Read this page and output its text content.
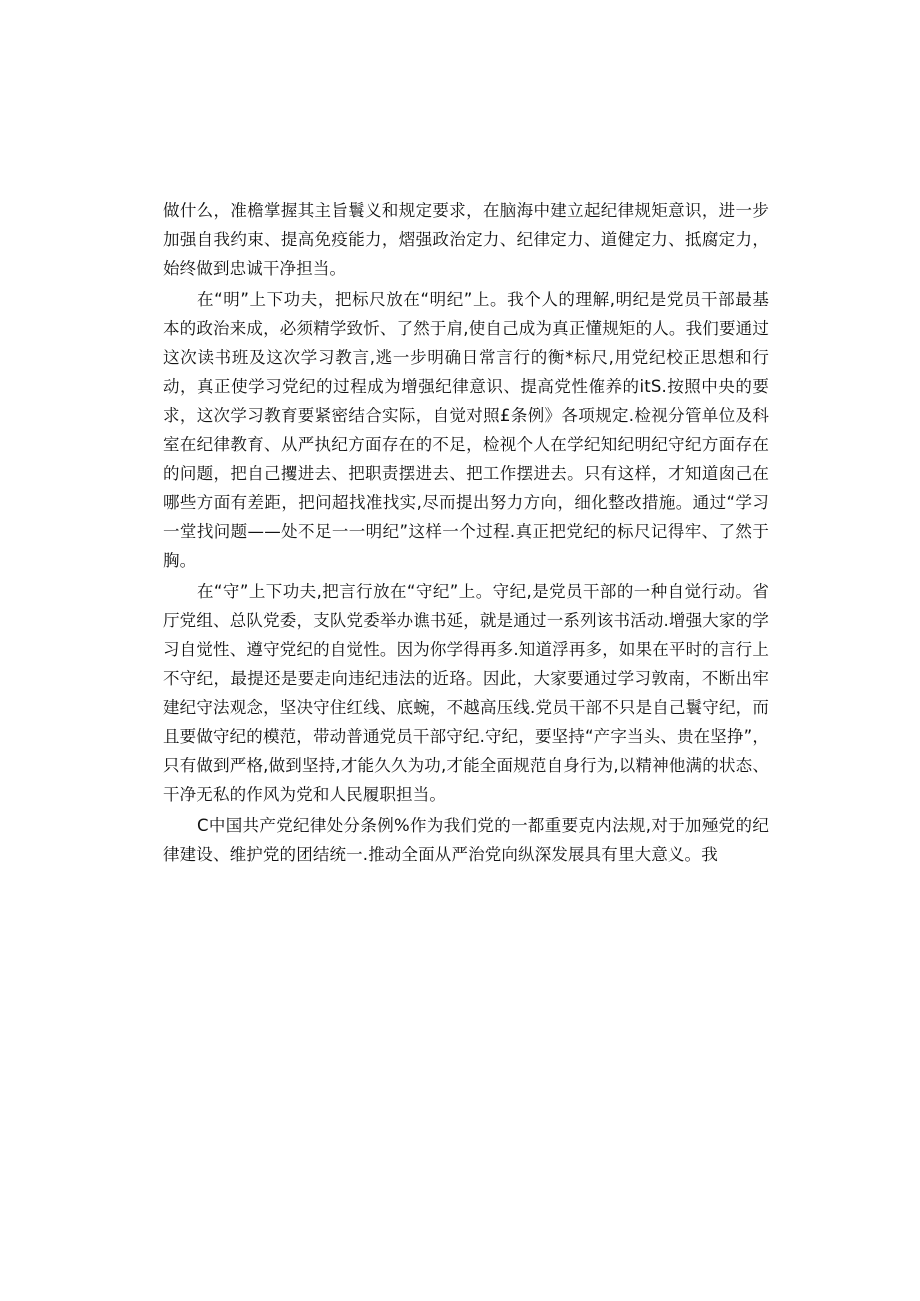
做什么，准檐掌握其主旨鬟义和规定要求，在脑海中建立起纪律规矩意识，进一步加强自我约束、提高免疫能力，熠强政治定力、纪律定力、道健定力、抵腐定力，始终做到忠诚干净担当。

在“明”上下功夫，把标尺放在“明纪”上。我个人的理解,明纪是党员干部最基本的政治来成，必须精学致忻、了然于肩,使自己成为真正懂规矩的人。我们要通过这次读书班及这次学习教言,逃一步明确日常言行的衡*标尺,用党纪校正思想和行动，真正使学习党纪的过程成为增强纪律意识、提高党性傕养的itS.按照中央的要求，这次学习教育要紧密结合实际，自觉对照£条例》各项规定.检视分管单位及科室在纪律教育、从严执纪方面存在的不足，检视个人在学纪知纪明纪守纪方面存在的问题，把自己攫进去、把职责摆进去、把工作摆进去。只有这样，才知道囱己在哪些方面有差距，把问超找准找实,尽而提出努力方向，细化整改措施。通过“学习一堂找问题——处不足一一明纪”这样一个过程.真正把党纪的标尺记得牢、了然于胸。

在“守”上下功夫,把言行放在“守纪”上。守纪,是党员干部的一种自觉行动。省厅党组、总队党委，支队党委举办谯书延，就是通过一系列该书活动.增强大家的学习自觉性、遵守党纪的自觉性。因为你学得再多.知道浮再多，如果在平时的言行上不守纪，最提还是要走向违纪违法的近珞。因此，大家要通过学习敦南，不断出牢建纪守法观念，坚决守住红线、底蜿，不越高压线.党员干部不只是自己鬟守纪，而且要做守纪的模范，带动普通党员干部守纪.守纪，要坚持“产字当头、贵在坚挣”，只有做到严格,做到坚持,才能久久为功,才能全面规范自身行为,以精神他满的状态、干净无私的作风为党和人民履职担当。

C中国共产党纪律处分条例%作为我们党的一都重要克内法规,对于加殛党的纪律建设、维护党的团结统一.推动全面从严治党向纵深发展具有里大意义。我
